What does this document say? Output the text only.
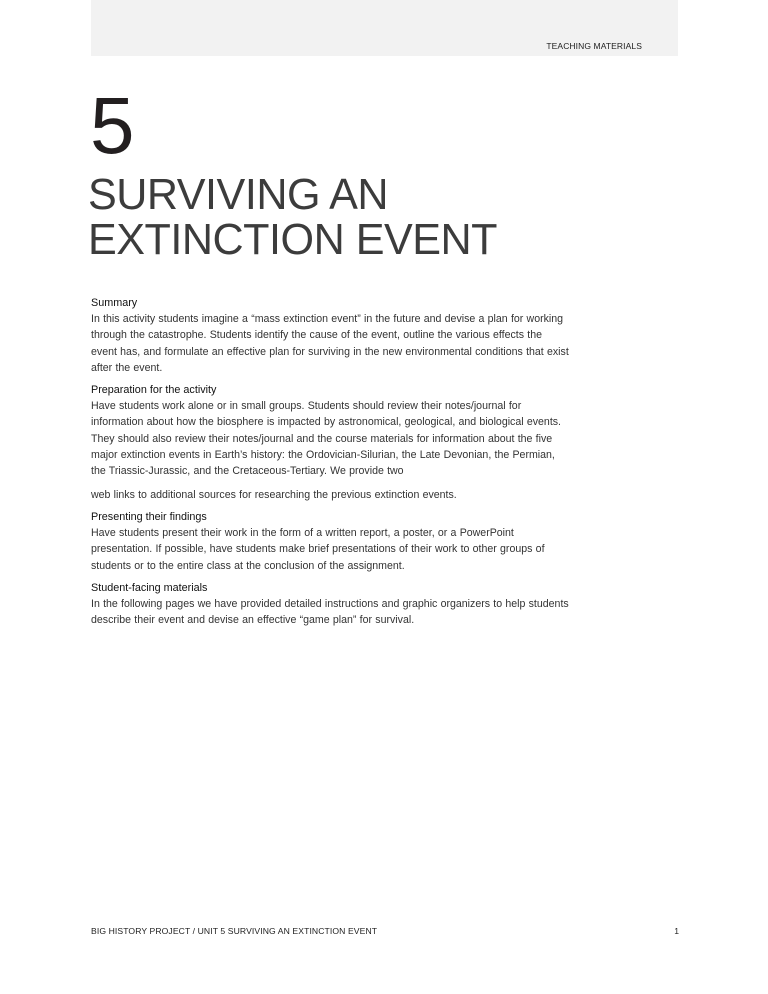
TEACHING MATERIALS
5
SURVIVING AN
EXTINCTION EVENT
Summary
In this activity students imagine a “mass extinction event” in the future and devise a plan for working through the catastrophe. Students identify the cause of the event, outline the various effects the event has, and formulate an effective plan for surviving in the new environmental conditions that exist after the event.
Preparation for the activity
Have students work alone or in small groups. Students should review their notes/journal for information about how the biosphere is impacted by astronomical, geological, and biological events. They should also review their notes/journal and the course materials for information about the five major extinction events in Earth’s history: the Ordovician-Silurian, the Late Devonian, the Permian, the Triassic-Jurassic, and the Cretaceous-Tertiary. We provide two
web links to additional sources for researching the previous extinction events.
Presenting their findings
Have students present their work in the form of a written report, a poster, or a PowerPoint presentation. If possible, have students make brief presentations of their work to other groups of students or to the entire class at the conclusion of the assignment.
Student-facing materials
In the following pages we have provided detailed instructions and graphic organizers to help students describe their event and devise an effective “game plan” for survival.
BIG HISTORY PROJECT / UNIT 5 SURVIVING AN EXTINCTION EVENT	1
